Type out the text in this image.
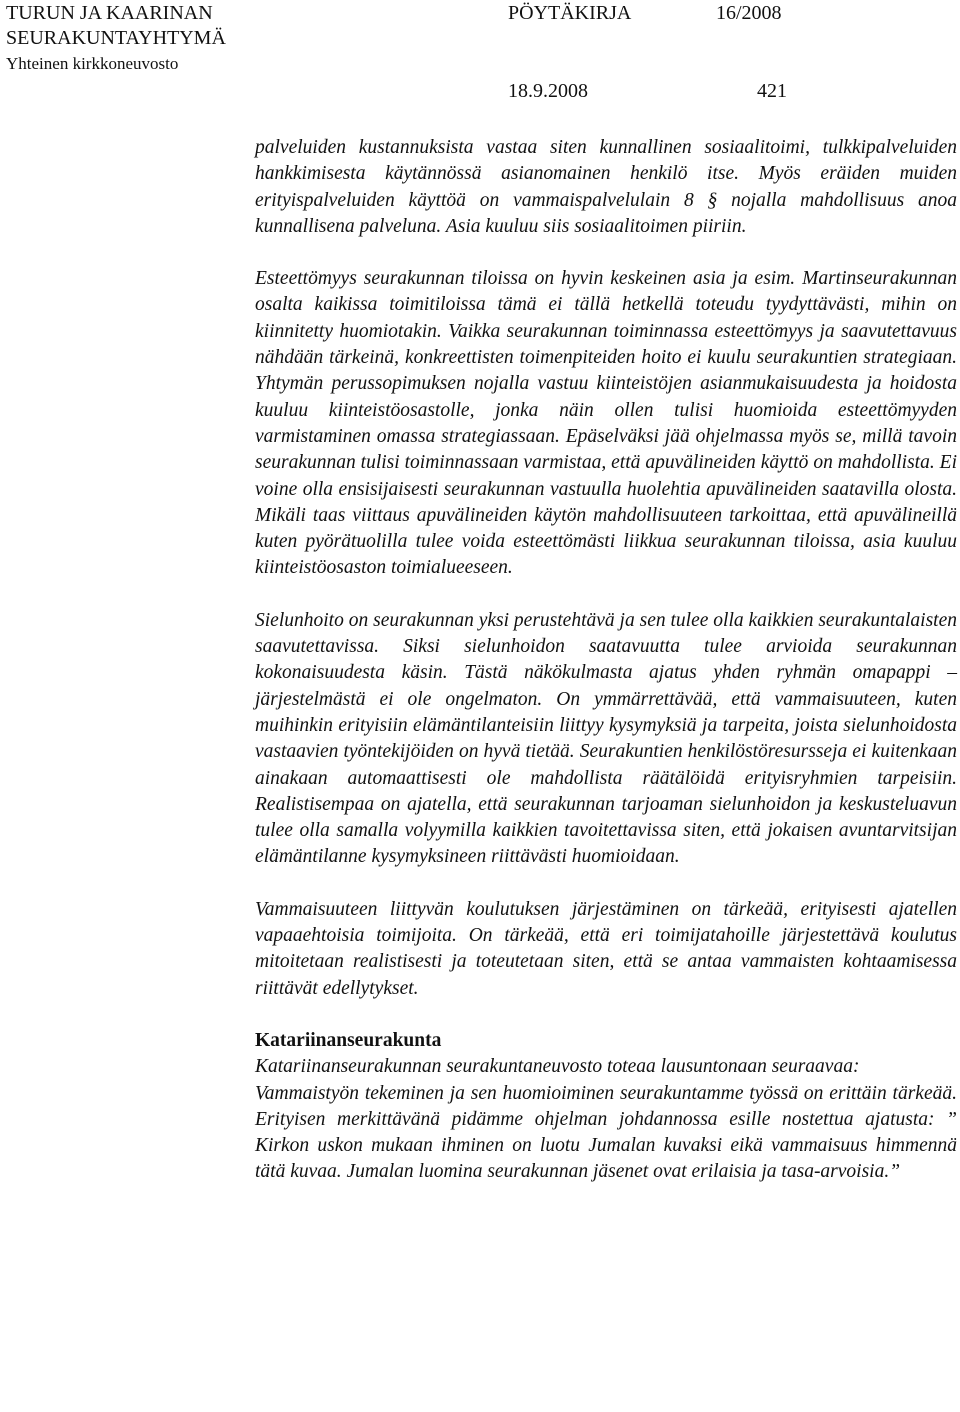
TURUN JA KAARINAN
SEURAKUNTAYHTYMÄ
Yhteinen kirkkoneuvosto
PÖYTÄKIRJA	16/2008
18.9.2008	421

palveluiden kustannuksista vastaa siten kunnallinen sosiaalitoimi, tulkkipalveluiden hankkimisesta käytännössä asianomainen henkilö itse. Myös eräiden muiden erityispalveluiden käyttöä on vammaispalvelulain 8 § nojalla mahdollisuus anoa kunnallisena palveluna. Asia kuuluu siis sosiaalitoimen piiriin.

Esteettömyys seurakunnan tiloissa on hyvin keskeinen asia ja esim. Martinseurakunnan osalta kaikissa toimitiloissa tämä ei tällä hetkellä toteudu tyydyttävästi, mihin on kiinnitetty huomiotakin. Vaikka seurakunnan toiminnassa esteettömyys ja saavutettavuus nähdään tärkeinä, konkreettisten toimenpiteiden hoito ei kuulu seurakuntien strategiaan. Yhtymän perussopimuksen nojalla vastuu kiinteistöjen asianmukaisuudesta ja hoidosta kuuluu kiinteistöosastolle, jonka näin ollen tulisi huomioida esteettömyyden varmistaminen omassa strategiassaan. Epäselväksi jää ohjelmassa myös se, millä tavoin seurakunnan tulisi toiminnassaan varmistaa, että apuvälineiden käyttö on mahdollista. Ei voine olla ensisijaisesti seurakunnan vastuulla huolehtia apuvälineiden saatavilla olosta. Mikäli taas viittaus apuvälineiden käytön mahdollisuuteen tarkoittaa, että apuvälineillä kuten pyörätuolilla tulee voida esteettömästi liikkua seurakunnan tiloissa, asia kuuluu kiinteistöosaston toimialueeseen.

Sielunhoito on seurakunnan yksi perustehtävä ja sen tulee olla kaikkien seurakuntalaisten saavutettavissa. Siksi sielunhoidon saatavuutta tulee arvioida seurakunnan kokonaisuudesta käsin. Tästä näkökulmasta ajatus yhden ryhmän omapappi –järjestelmästä ei ole ongelmaton. On ymmärrettävää, että vammaisuuteen, kuten muihinkin erityisiin elämäntilanteisiin liittyy kysymyksiä ja tarpeita, joista sielunhoidosta vastaavien työntekijöiden on hyvä tietää. Seurakuntien henkilöstöresursseja ei kuitenkaan ainakaan automaattisesti ole mahdollista räätälöidä erityisryhmien tarpeisiin. Realistisempaa on ajatella, että seurakunnan tarjoaman sielunhoidon ja keskusteluavun tulee olla samalla volyymilla kaikkien tavoitettavissa siten, että jokaisen avuntarvitsijan elämäntilanne kysymyksineen riittävästi huomioidaan.

Vammaisuuteen liittyvän koulutuksen järjestäminen on tärkeää, erityisesti ajatellen vapaaehtoisia toimijoita. On tärkeää, että eri toimijatahoille järjestettävä koulutus mitoitetaan realistisesti ja toteutetaan siten, että se antaa vammaisten kohtaamisessa riittävät edellytykset.

Katariinanseurakunta

Katariinanseurakunnan seurakuntaneuvosto toteaa lausuntonaan seuraavaa:

Vammaistyön tekeminen ja sen huomioiminen seurakuntamme työssä on erittäin tärkeää. Erityisen merkittävänä pidämme ohjelman johdannossa esille nostettua ajatusta: ” Kirkon uskon mukaan ihminen on luotu Jumalan kuvaksi eikä vammaisuus himmennä tätä kuvaa. Jumalan luomina seurakunnan jäsenet ovat erilaisia ja tasa-arvoisia.”
